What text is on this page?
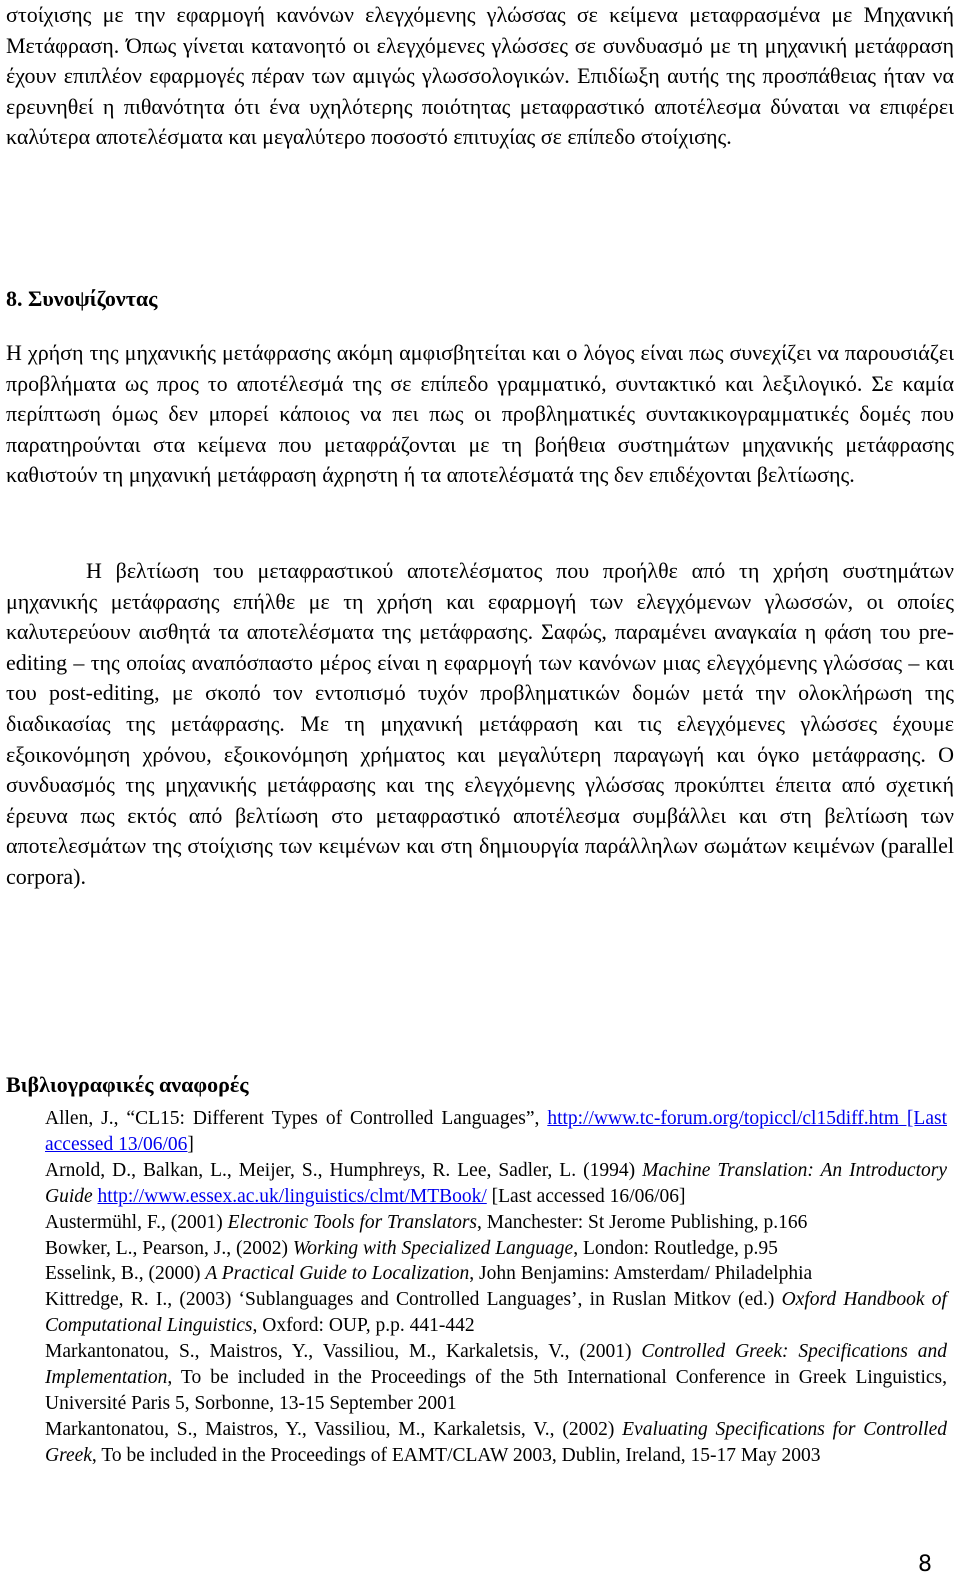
στοίχισης με την εφαρμογή κανόνων ελεγχόμενης γλώσσας σε κείμενα μεταφρασμένα με Μηχανική Μετάφραση. Όπως γίνεται κατανοητό οι ελεγχόμενες γλώσσες σε συνδυασμό με τη μηχανική μετάφραση έχουν επιπλέον εφαρμογές πέραν των αμιγώς γλωσσολογικών. Επιδίωξη αυτής της προσπάθειας ήταν να ερευνηθεί η πιθανότητα ότι ένα υχηλότερης ποιότητας μεταφραστικό αποτέλεσμα δύναται να επιφέρει καλύτερα αποτελέσματα και μεγαλύτερο ποσοστό επιτυχίας σε επίπεδο στοίχισης.

8. Συνοψίζοντας

Η χρήση της μηχανικής μετάφρασης ακόμη αμφισβητείται και ο λόγος είναι πως συνεχίζει να παρουσιάζει προβλήματα ως προς το αποτέλεσμά της σε επίπεδο γραμματικό, συντακτικό και λεξιλογικό. Σε καμία περίπτωση όμως δεν μπορεί κάποιος να πει πως οι προβληματικές συντακικογραμματικές δομές που παρατηρούνται στα κείμενα που μεταφράζονται με τη βοήθεια συστημάτων μηχανικής μετάφρασης καθιστούν τη μηχανική μετάφραση άχρηστη ή τα αποτελέσματά της δεν επιδέχονται βελτίωσης.

Η βελτίωση του μεταφραστικού αποτελέσματος που προήλθε από τη χρήση συστημάτων μηχανικής μετάφρασης επήλθε με τη χρήση και εφαρμογή των ελεγχόμενων γλωσσών, οι οποίες καλυτερεύουν αισθητά τα αποτελέσματα της μετάφρασης. Σαφώς, παραμένει αναγκαία η φάση του pre-editing – της οποίας αναπόσπαστο μέρος είναι η εφαρμογή των κανόνων μιας ελεγχόμενης γλώσσας – και του post-editing, με σκοπό τον εντοπισμό τυχόν προβληματικών δομών μετά την ολοκλήρωση της διαδικασίας της μετάφρασης. Με τη μηχανική μετάφραση και τις ελεγχόμενες γλώσσες έχουμε εξοικονόμηση χρόνου, εξοικονόμηση χρήματος και μεγαλύτερη παραγωγή και όγκο μετάφρασης. Ο συνδυασμός της μηχανικής μετάφρασης και της ελεγχόμενης γλώσσας προκύπτει έπειτα από σχετική έρευνα πως εκτός από βελτίωση στο μεταφραστικό αποτέλεσμα συμβάλλει και στη βελτίωση των αποτελεσμάτων της στοίχισης των κειμένων και στη δημιουργία παράλληλων σωμάτων κειμένων (parallel corpora).

Βιβλιογραφικές αναφορές

Allen, J., “CL15: Different Types of Controlled Languages”, http://www.tc-forum.org/topiccl/cl15diff.htm [Last accessed 13/06/06]

Arnold, D., Balkan, L., Meijer, S., Humphreys, R. Lee, Sadler, L. (1994) Machine Translation: An Introductory Guide http://www.essex.ac.uk/linguistics/clmt/MTBook/ [Last accessed 16/06/06]

Austermühl, F., (2001) Electronic Tools for Translators, Manchester: St Jerome Publishing, p.166

Bowker, L., Pearson, J., (2002) Working with Specialized Language, London: Routledge, p.95

Esselink, B., (2000) A Practical Guide to Localization, John Benjamins: Amsterdam/ Philadelphia

Kittredge, R. I., (2003) ‘Sublanguages and Controlled Languages’, in Ruslan Mitkov (ed.) Oxford Handbook of Computational Linguistics, Oxford: OUP, p.p. 441-442

Markantonatou, S., Maistros, Y., Vassiliou, M., Karkaletsis, V., (2001) Controlled Greek: Specifications and Implementation, To be included in the Proceedings of the 5th International Conference in Greek Linguistics, Université Paris 5, Sorbonne, 13-15 September 2001

Markantonatou, S., Maistros, Y., Vassiliou, M., Karkaletsis, V., (2002) Evaluating Specifications for Controlled Greek, To be included in the Proceedings of EAMT/CLAW 2003, Dublin, Ireland, 15-17 May 2003

8
